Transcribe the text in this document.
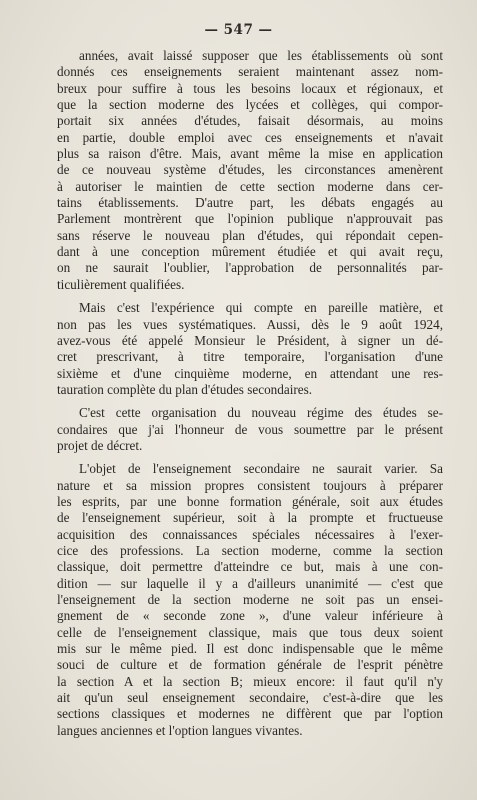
— 547 —
années, avait laissé supposer que les établissements où sont
donnés ces enseignements seraient maintenant assez nom-
breux pour suffire à tous les besoins locaux et régionaux, et
que la section moderne des lycées et collèges, qui compor-
portait six années d'études, faisait désormais, au moins
en partie, double emploi avec ces enseignements et n'avait
plus sa raison d'être. Mais, avant même la mise en application
de ce nouveau système d'études, les circonstances amenèrent
à autoriser le maintien de cette section moderne dans cer-
tains établissements. D'autre part, les débats engagés au
Parlement montrèrent que l'opinion publique n'approuvait pas
sans réserve le nouveau plan d'études, qui répondait cepen-
dant à une conception mûrement étudiée et qui avait reçu,
on ne saurait l'oublier, l'approbation de personnalités par-
ticulièrement qualifiées.
Mais c'est l'expérience qui compte en pareille matière, et
non pas les vues systématiques. Aussi, dès le 9 août 1924,
avez-vous été appelé Monsieur le Président, à signer un dé-
cret prescrivant, à titre temporaire, l'organisation d'une
sixième et d'une cinquième moderne, en attendant une res-
tauration complète du plan d'études secondaires.
C'est cette organisation du nouveau régime des études se-
condaires que j'ai l'honneur de vous soumettre par le présent
projet de décret.
L'objet de l'enseignement secondaire ne saurait varier. Sa
nature et sa mission propres consistent toujours à préparer
les esprits, par une bonne formation générale, soit aux études
de l'enseignement supérieur, soit à la prompte et fructueuse
acquisition des connaissances spéciales nécessaires à l'exer-
cice des professions. La section moderne, comme la section
classique, doit permettre d'atteindre ce but, mais à une con-
dition — sur laquelle il y a d'ailleurs unanimité — c'est que
l'enseignement de la section moderne ne soit pas un ensei-
gnement de « seconde zone », d'une valeur inférieure à
celle de l'enseignement classique, mais que tous deux soient
mis sur le même pied. Il est donc indispensable que le même
souci de culture et de formation générale de l'esprit pénètre
la section A et la section B; mieux encore: il faut qu'il n'y
ait qu'un seul enseignement secondaire, c'est-à-dire que les
sections classiques et modernes ne diffèrent que par l'option
langues anciennes et l'option langues vivantes.
